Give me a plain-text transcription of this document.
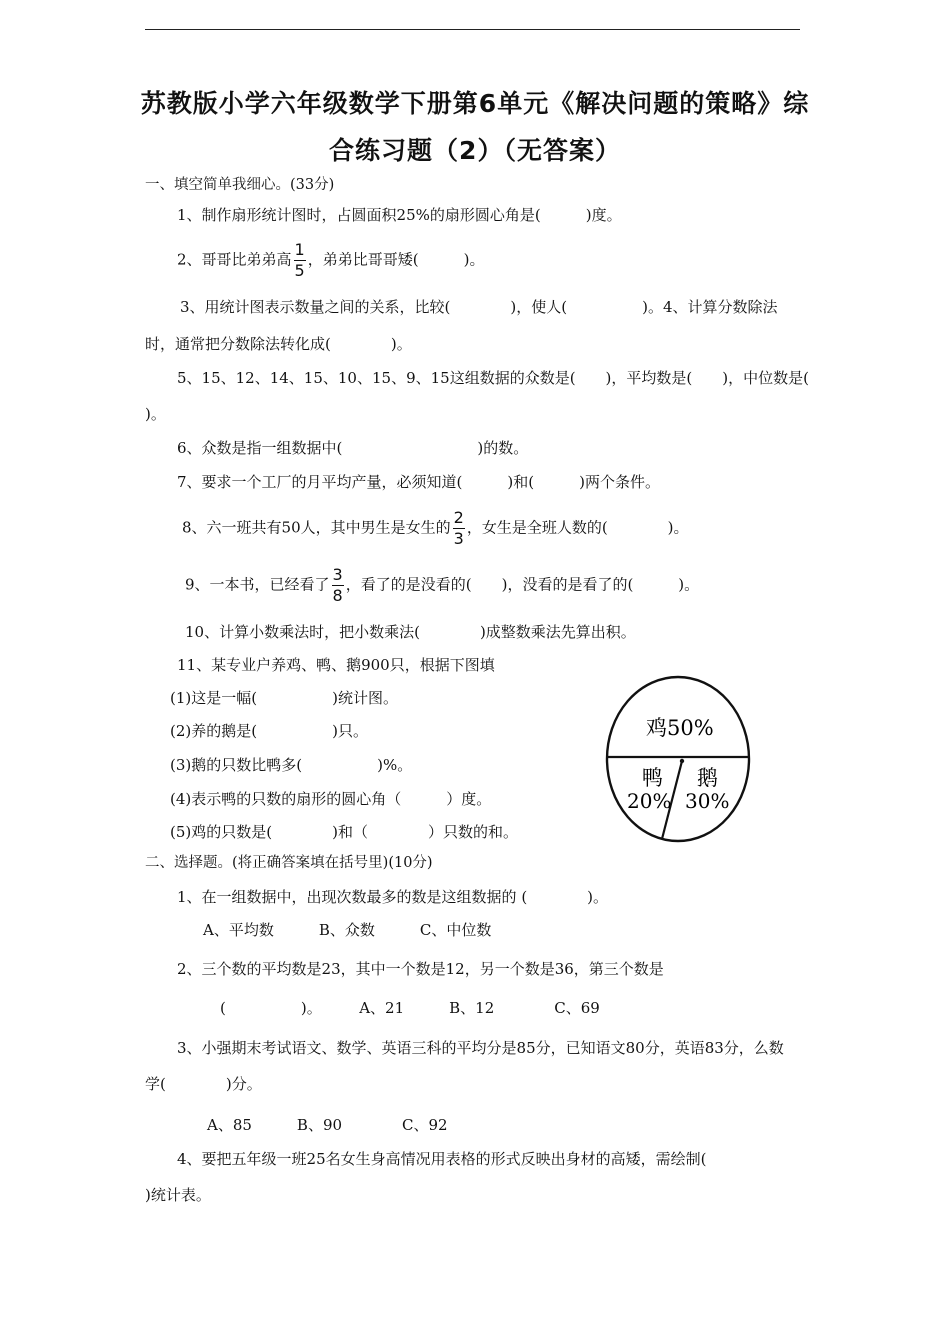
苏教版小学六年级数学下册第6单元《解决问题的策略》综
合练习题（2）（无答案）
一、填空简单我细心。(33分)
1、制作扇形统计图时，占圆面积25%的扇形圆心角是(　　　)度。
2、哥哥比弟弟高 $\frac{1}{5}$ ，弟弟比哥哥矮(　　　)。
3、用统计图表示数量之间的关系，比较(　　　　)，使人(　　　　　)。4、计算分数除法
时，通常把分数除法转化成(　　　　)。
5、15、12、14、15、10、15、9、15这组数据的众数是(　　)，平均数是(　　)，中位数是(
)。
6、众数是指一组数据中(　　　　　　　　　)的数。
7、要求一个工厂的月平均产量，必须知道(　　　)和(　　　)两个条件。
8、六一班共有50人，其中男生是女生的 $\frac{2}{3}$ ，女生是全班人数的(　　　　)。
9、一本书，已经看了 $\frac{3}{8}$ ，看了的是没看的(　　)，没看的是看了的(　　　)。
10、计算小数乘法时，把小数乘法(　　　　)成整数乘法先算出积。
11、某专业户养鸡、鸭、鹅900只，根据下图填
(1)这是一幅(　　　　　)统计图。
(2)养的鹅是(　　　　　)只。
(3)鹅的只数比鸭多(　　　　　)%。
(4)表示鸭的只数的扇形的圆心角（　　　）度。
(5)鸡的只数是(　　　　)和（　　　　）只数的和。
鸡50%
鸭
20%
鹅
30%
二、选择题。(将正确答案填在括号里)(10分)
1、在一组数据中，出现次数最多的数是这组数据的 (　　　　)。
A、平均数　　　B、众数　　　C、中位数
2、三个数的平均数是23，其中一个数是12，另一个数是36，第三个数是
(　　　　　)。　　　A、21　　　B、12　　　　C、69
3、小强期末考试语文、数学、英语三科的平均分是85分，已知语文80分，英语83分，么数
学(　　　　)分。
A、85　　　B、90　　　　C、92
4、要把五年级一班25名女生身高情况用表格的形式反映出身材的高矮，需绘制(
)统计表。
